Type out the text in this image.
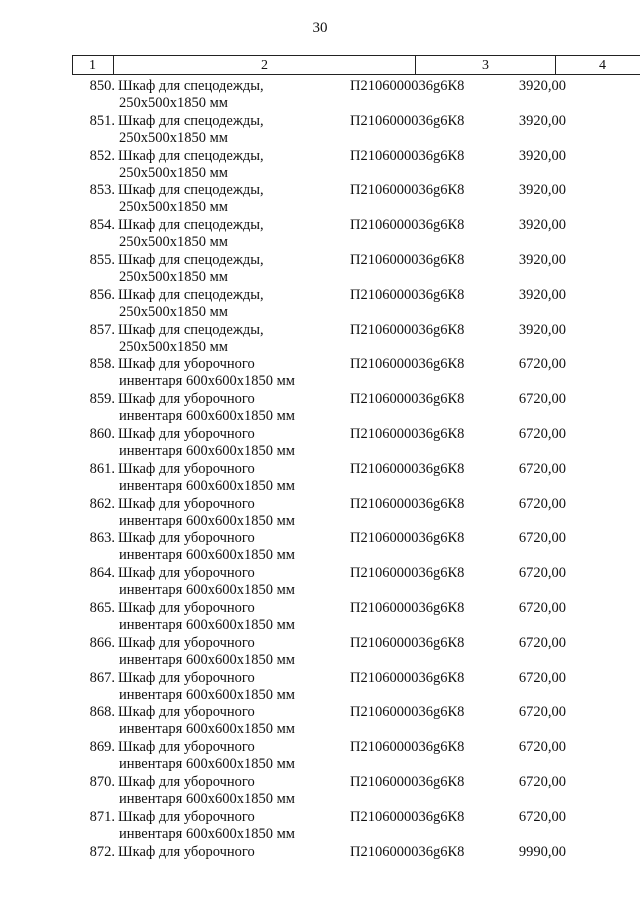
30
1	2	3	4
850. Шкаф для спецодежды,
250х500х1850 мм
П2106000036g6К8	3920,00
851. Шкаф для спецодежды,
250х500х1850 мм
П2106000036g6К8	3920,00
852. Шкаф для спецодежды,
250х500х1850 мм
П2106000036g6К8	3920,00
853. Шкаф для спецодежды,
250х500х1850 мм
П2106000036g6К8	3920,00
854. Шкаф для спецодежды,
250х500х1850 мм
П2106000036g6К8	3920,00
855. Шкаф для спецодежды,
250х500х1850 мм
П2106000036g6К8	3920,00
856. Шкаф для спецодежды,
250х500х1850 мм
П2106000036g6К8	3920,00
857. Шкаф для спецодежды,
250х500х1850 мм
П2106000036g6К8	3920,00
858. Шкаф для уборочного
инвентаря 600х600х1850 мм
П2106000036g6К8	6720,00
859. Шкаф для уборочного
инвентаря 600х600х1850 мм
П2106000036g6К8	6720,00
860. Шкаф для уборочного
инвентаря 600х600х1850 мм
П2106000036g6К8	6720,00
861. Шкаф для уборочного
инвентаря 600х600х1850 мм
П2106000036g6К8	6720,00
862. Шкаф для уборочного
инвентаря 600х600х1850 мм
П2106000036g6К8	6720,00
863. Шкаф для уборочного
инвентаря 600х600х1850 мм
П2106000036g6К8	6720,00
864. Шкаф для уборочного
инвентаря 600х600х1850 мм
П2106000036g6К8	6720,00
865. Шкаф для уборочного
инвентаря 600х600х1850 мм
П2106000036g6К8	6720,00
866. Шкаф для уборочного
инвентаря 600х600х1850 мм
П2106000036g6К8	6720,00
867. Шкаф для уборочного
инвентаря 600х600х1850 мм
П2106000036g6К8	6720,00
868. Шкаф для уборочного
инвентаря 600х600х1850 мм
П2106000036g6К8	6720,00
869. Шкаф для уборочного
инвентаря 600х600х1850 мм
П2106000036g6К8	6720,00
870. Шкаф для уборочного
инвентаря 600х600х1850 мм
П2106000036g6К8	6720,00
871. Шкаф для уборочного
инвентаря 600х600х1850 мм
П2106000036g6К8	6720,00
872. Шкаф для уборочного	П2106000036g6К8	9990,00
